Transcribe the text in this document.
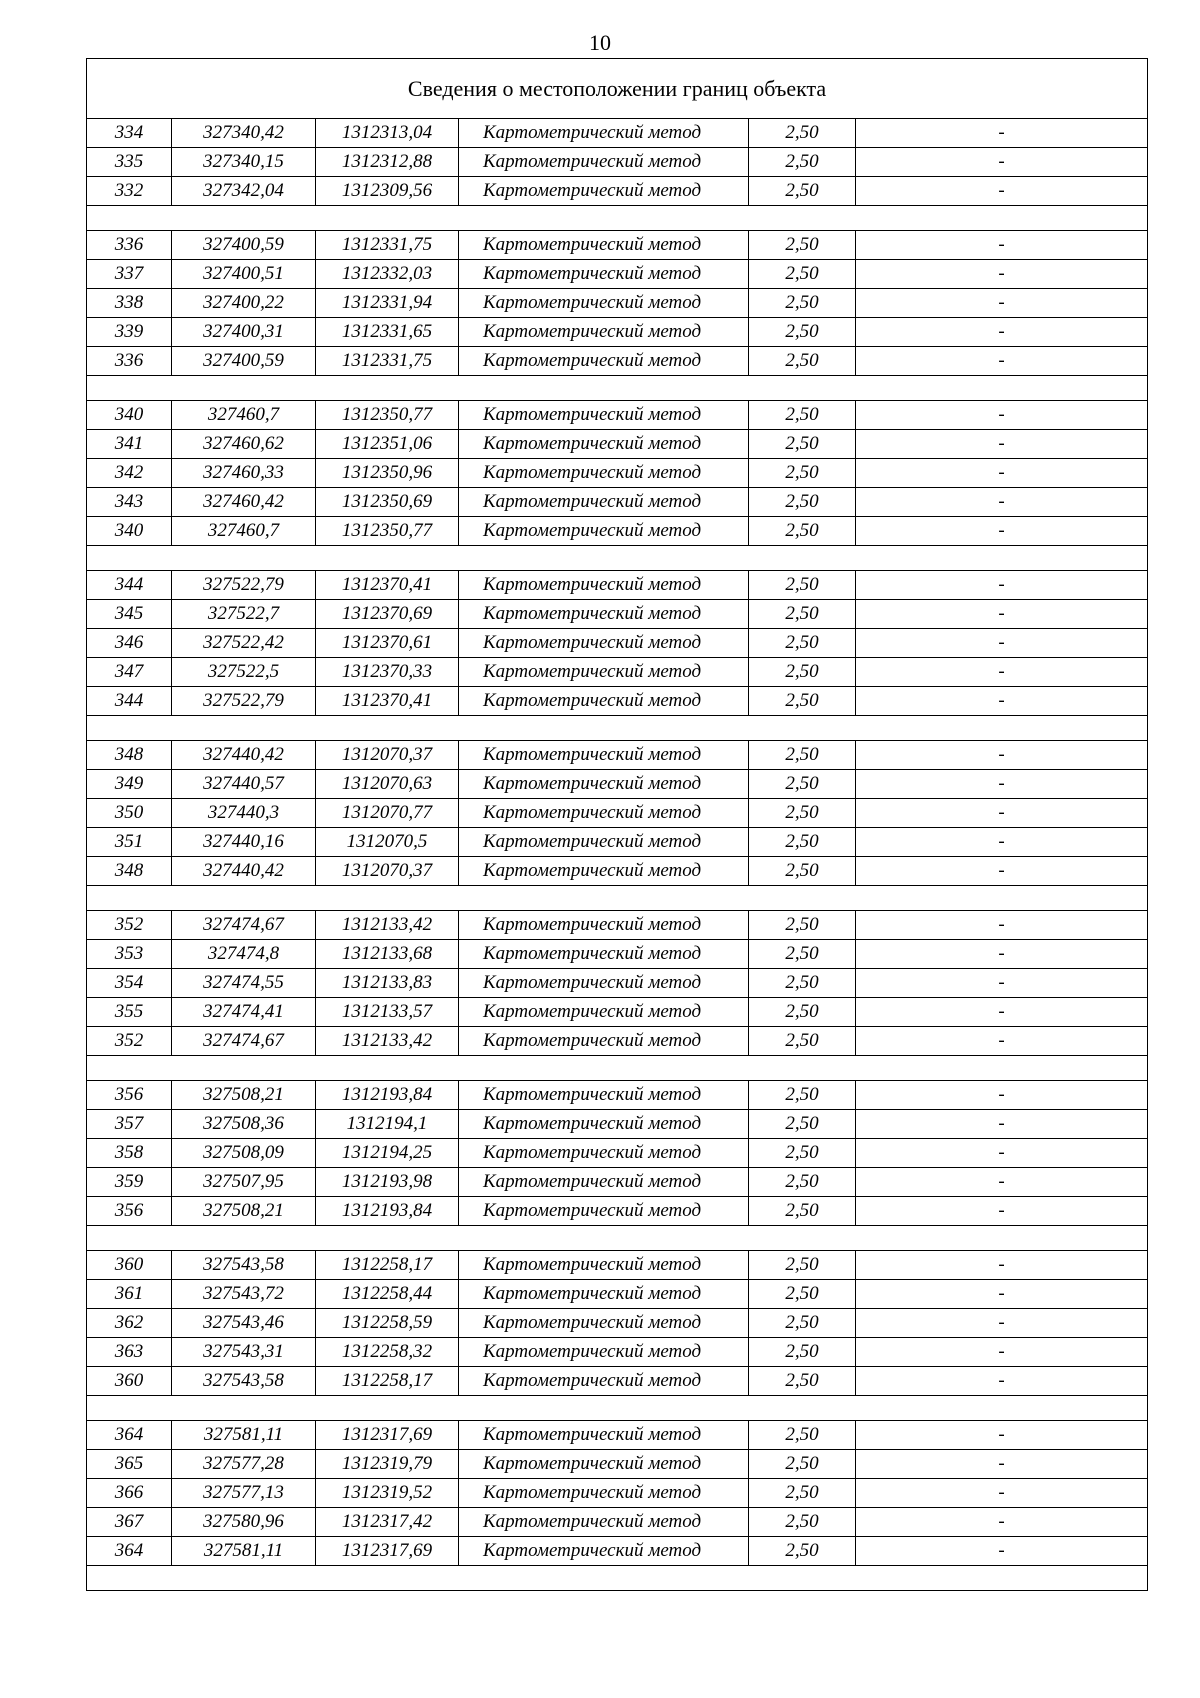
10
Сведения о местоположении границ объекта					
334	327340,42	1312313,04	Картометрический метод	2,50	-
335	327340,15	1312312,88	Картометрический метод	2,50	-
332	327342,04	1312309,56	Картометрический метод	2,50	-

336	327400,59	1312331,75	Картометрический метод	2,50	-
337	327400,51	1312332,03	Картометрический метод	2,50	-
338	327400,22	1312331,94	Картометрический метод	2,50	-
339	327400,31	1312331,65	Картометрический метод	2,50	-
336	327400,59	1312331,75	Картометрический метод	2,50	-

340	327460,7	1312350,77	Картометрический метод	2,50	-
341	327460,62	1312351,06	Картометрический метод	2,50	-
342	327460,33	1312350,96	Картометрический метод	2,50	-
343	327460,42	1312350,69	Картометрический метод	2,50	-
340	327460,7	1312350,77	Картометрический метод	2,50	-

344	327522,79	1312370,41	Картометрический метод	2,50	-
345	327522,7	1312370,69	Картометрический метод	2,50	-
346	327522,42	1312370,61	Картометрический метод	2,50	-
347	327522,5	1312370,33	Картометрический метод	2,50	-
344	327522,79	1312370,41	Картометрический метод	2,50	-

348	327440,42	1312070,37	Картометрический метод	2,50	-
349	327440,57	1312070,63	Картометрический метод	2,50	-
350	327440,3	1312070,77	Картометрический метод	2,50	-
351	327440,16	1312070,5	Картометрический метод	2,50	-
348	327440,42	1312070,37	Картометрический метод	2,50	-

352	327474,67	1312133,42	Картометрический метод	2,50	-
353	327474,8	1312133,68	Картометрический метод	2,50	-
354	327474,55	1312133,83	Картометрический метод	2,50	-
355	327474,41	1312133,57	Картометрический метод	2,50	-
352	327474,67	1312133,42	Картометрический метод	2,50	-

356	327508,21	1312193,84	Картометрический метод	2,50	-
357	327508,36	1312194,1	Картометрический метод	2,50	-
358	327508,09	1312194,25	Картометрический метод	2,50	-
359	327507,95	1312193,98	Картометрический метод	2,50	-
356	327508,21	1312193,84	Картометрический метод	2,50	-

360	327543,58	1312258,17	Картометрический метод	2,50	-
361	327543,72	1312258,44	Картометрический метод	2,50	-
362	327543,46	1312258,59	Картометрический метод	2,50	-
363	327543,31	1312258,32	Картометрический метод	2,50	-
360	327543,58	1312258,17	Картометрический метод	2,50	-

364	327581,11	1312317,69	Картометрический метод	2,50	-
365	327577,28	1312319,79	Картометрический метод	2,50	-
366	327577,13	1312319,52	Картометрический метод	2,50	-
367	327580,96	1312317,42	Картометрический метод	2,50	-
364	327581,11	1312317,69	Картометрический метод	2,50	-
